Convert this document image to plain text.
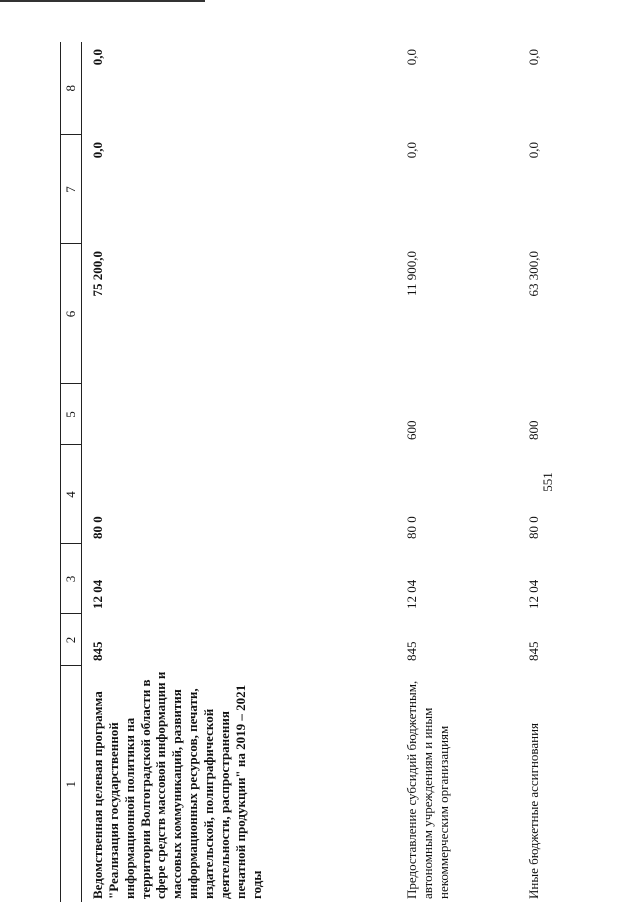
551
1	2	3	4	5	6	7	8
Ведомственная целевая программа "Реализация государственной информационной политики на территории Волгоградской области в сфере средств массовой информации и массовых коммуникаций, развития информационных ресурсов, печати, издательской, полиграфической деятельности, распространения печатной продукции" на 2019 – 2021 годы	845	12 04	80 0		75 200,0	0,0	0,0
Предоставление субсидий бюджетным, автономным учреждениям и иным некоммерческим организациям	845	12 04	80 0	600	11 900,0	0,0	0,0
Иные бюджетные ассигнования	845	12 04	80 0	800	63 300,0	0,0	0,0
